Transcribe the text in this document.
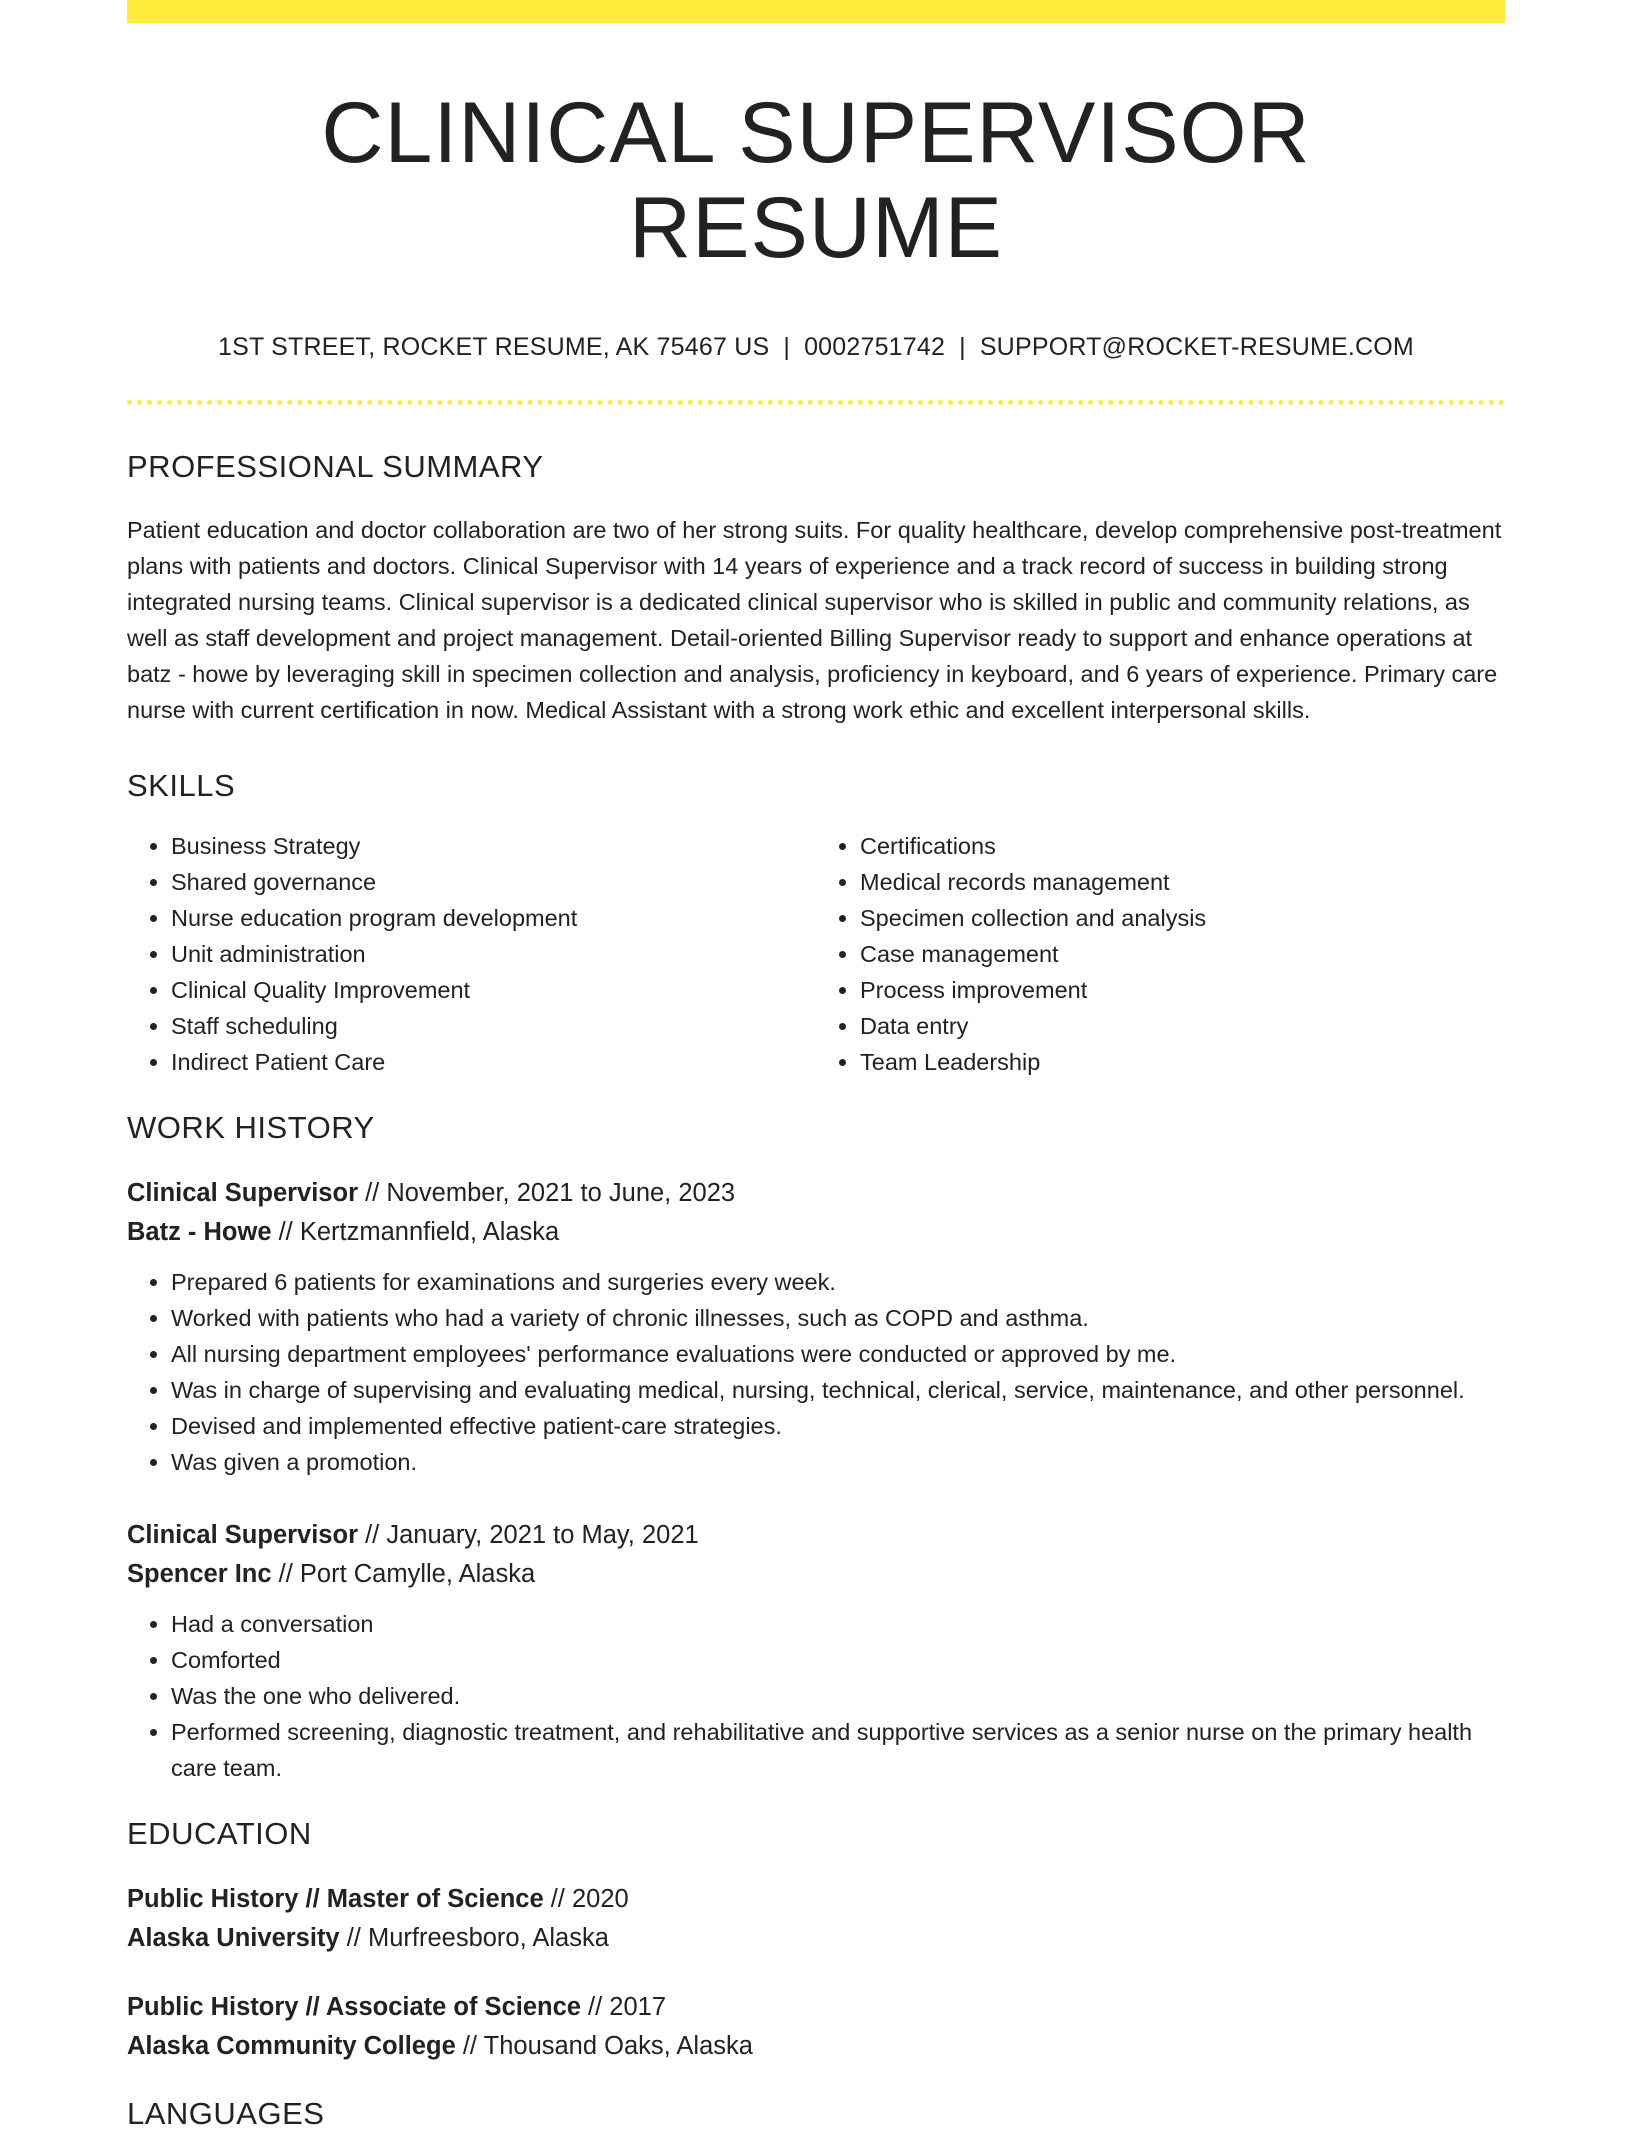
CLINICAL SUPERVISOR RESUME
1ST STREET, ROCKET RESUME, AK 75467 US | 0002751742 | SUPPORT@ROCKET-RESUME.COM
PROFESSIONAL SUMMARY

Patient education and doctor collaboration are two of her strong suits. For quality healthcare, develop comprehensive post-treatment plans with patients and doctors. Clinical Supervisor with 14 years of experience and a track record of success in building strong integrated nursing teams. Clinical supervisor is a dedicated clinical supervisor who is skilled in public and community relations, as well as staff development and project management. Detail-oriented Billing Supervisor ready to support and enhance operations at batz - howe by leveraging skill in specimen collection and analysis, proficiency in keyboard, and 6 years of experience. Primary care nurse with current certification in now. Medical Assistant with a strong work ethic and excellent interpersonal skills.

SKILLS
• Business Strategy
• Shared governance
• Nurse education program development
• Unit administration
• Clinical Quality Improvement
• Staff scheduling
• Indirect Patient Care
• Certifications
• Medical records management
• Specimen collection and analysis
• Case management
• Process improvement
• Data entry
• Team Leadership
WORK HISTORY
Clinical Supervisor // November, 2021 to June, 2023
Batz - Howe // Kertzmannfield, Alaska
• Prepared 6 patients for examinations and surgeries every week.
• Worked with patients who had a variety of chronic illnesses, such as COPD and asthma.
• All nursing department employees' performance evaluations were conducted or approved by me.
• Was in charge of supervising and evaluating medical, nursing, technical, clerical, service, maintenance, and other personnel.
• Devised and implemented effective patient-care strategies.
• Was given a promotion.
Clinical Supervisor // January, 2021 to May, 2021
Spencer Inc // Port Camylle, Alaska
• Had a conversation
• Comforted
• Was the one who delivered.
• Performed screening, diagnostic treatment, and rehabilitative and supportive services as a senior nurse on the primary health care team.
EDUCATION
Public History // Master of Science // 2020
Alaska University // Murfreesboro, Alaska
Public History // Associate of Science // 2017
Alaska Community College // Thousand Oaks, Alaska
LANGUAGES
